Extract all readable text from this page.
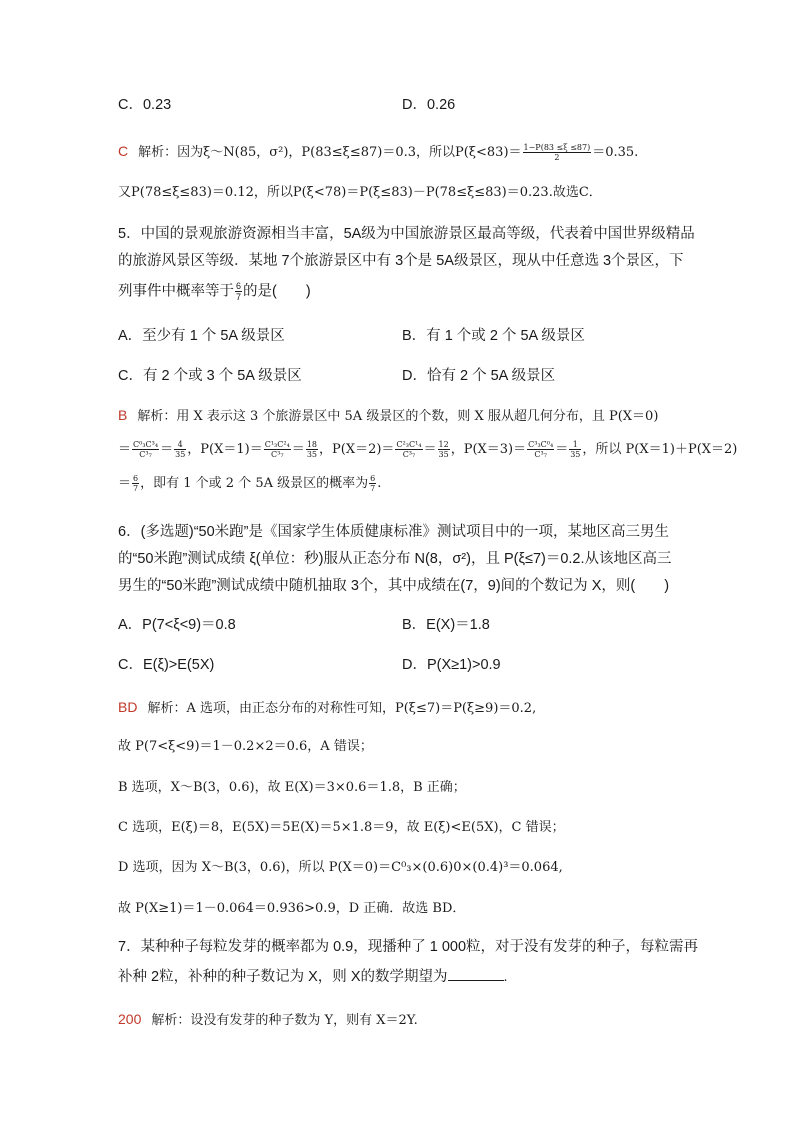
C．0.23	D．0.26
C 解析：因为ξ～N(85，σ²)，P(83≤ξ≤87)＝0.3，所以$P(\xi<83)= \frac{1-P(83 \le\xi \le 87)}{2} =0.35$.
又P(78≤ξ≤83)＝0.12，所以P(ξ<78)＝P(ξ≤83)－P(78≤ξ≤83)＝0.23.故选C．
5．中国的景观旅游资源相当丰富，5A级为中国旅游景区最高等级，代表着中国世界级精品
的旅游风景区等级．某地 7个旅游景区中有 3个是 5A级景区，现从中任意选 3个景区，下
列事件中概率等于 $\frac{6}{7}$ 的是(　　)
A．至少有 1 个 5A 级景区	B．有 1 个或 2 个 5A 级景区
C．有 2 个或 3 个 5A 级景区	D．恰有 2 个 5A 级景区
B 解析：用 X 表示这 3 个旅游景区中 5A 级景区的个数，则 X 服从超几何分布，且 P(X＝0)
＝ $\frac{\text{C⁰₃C³₄}}{\text{C³₇}} = \frac{4}{35}$ ，$P(X=1)= \frac{\text{C¹₃C²₄}}{\text{C³₇}} = \frac{18}{35}$ ，$P(X=2)= \frac{\text{C²₃C¹₄}}{\text{C³₇}} = \frac{12}{35}$ ，$P(X=3)= \frac{\text{C³₃C⁰₄}}{\text{C³₇}} = \frac{1}{35}$ ，所以 P(X＝1)＋P(X＝2)
＝ $\frac{6}{7}$ ，即有 1 个或 2 个 5A 级景区的概率为 $\frac{6}{7}$ .
6．(多选题)“50米跑”是《国家学生体质健康标准》测试项目中的一项，某地区高三男生
的“50米跑”测试成绩 ξ(单位：秒)服从正态分布 N(8，σ²)，且 P(ξ≤7)＝0.2.从该地区高三
男生的“50米跑”测试成绩中随机抽取 3个，其中成绩在(7，9)间的个数记为 X，则(　　)
A．P(7<ξ<9)＝0.8	B．E(X)＝1.8
C．E(ξ)>E(5X)	D．P(X≥1)>0.9
BD 解析：A 选项，由正态分布的对称性可知，P(ξ≤7)＝P(ξ≥9)＝0.2,
故 P(7<ξ<9)＝1－0.2×2＝0.6，A 错误；
B 选项，X～B(3，0.6)，故 E(X)＝3×0.6＝1.8，B 正确；
C 选项，E(ξ)＝8，E(5X)＝5E(X)＝5×1.8＝9，故 E(ξ)<E(5X)，C 错误；
D 选项，因为 X～B(3，0.6)，所以 P(X＝0)＝C⁰₃×(0.6)0×(0.4)³＝0.064,
故 P(X≥1)＝1－0.064＝0.936>0.9，D 正确．故选 BD．
7．某种种子每粒发芽的概率都为 0.9，现播种了 1 000粒，对于没有发芽的种子，每粒需再
补种 2粒，补种的种子数记为 X，则 X的数学期望为	.
200 解析：设没有发芽的种子数为 Y，则有 X＝2Y.
